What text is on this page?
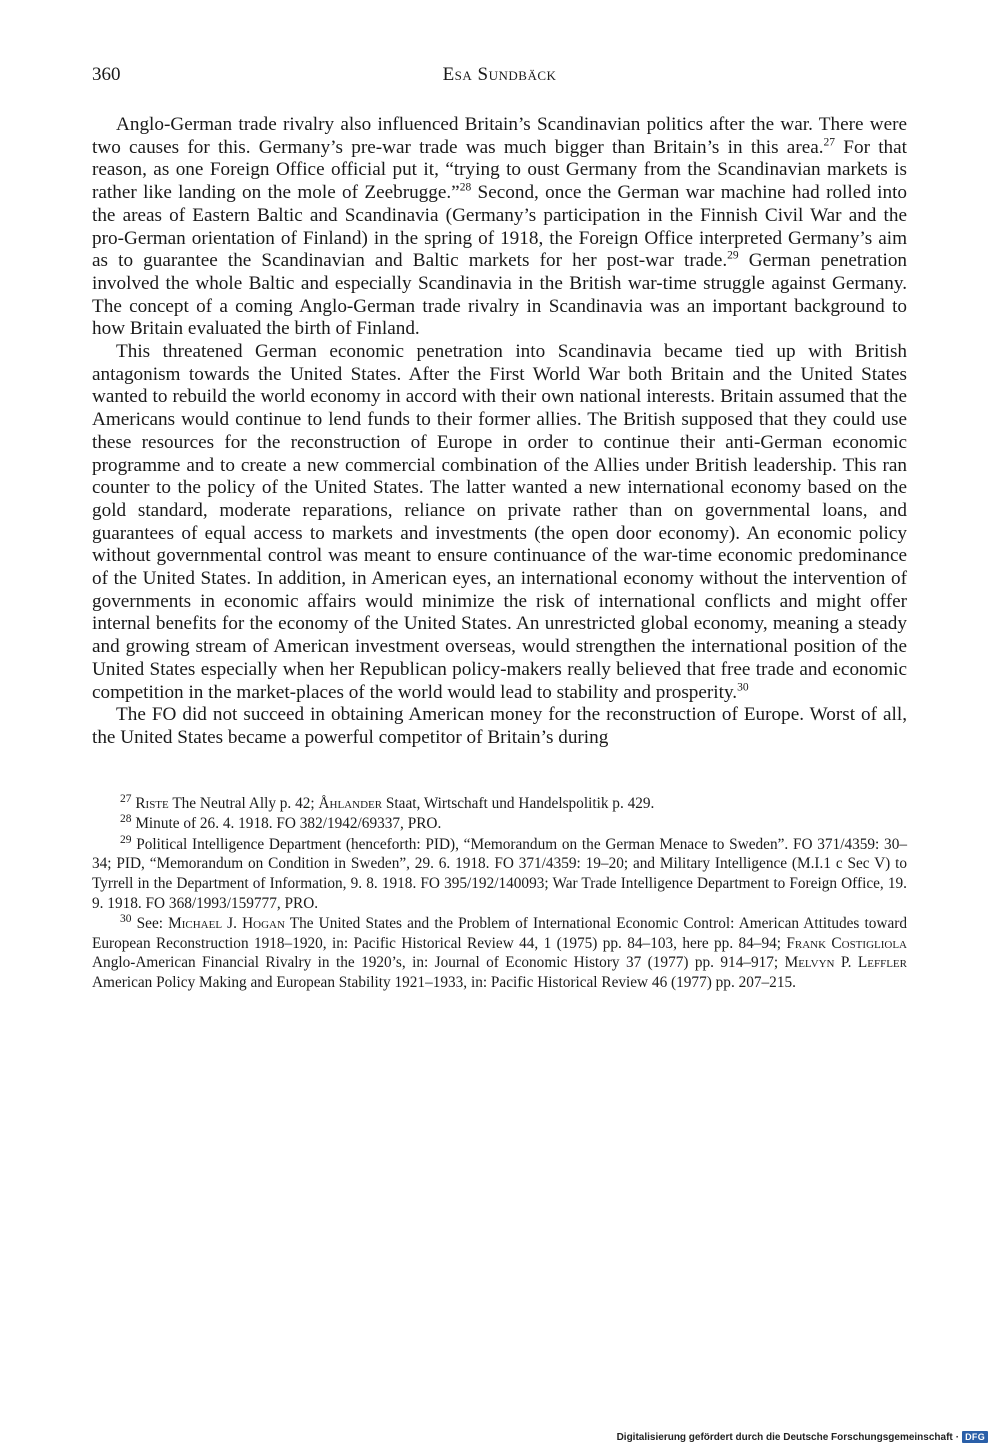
360	Esa Sundbäck

Anglo-German trade rivalry also influenced Britain’s Scandinavian politics after the war. There were two causes for this. Germany’s pre-war trade was much bigger than Britain’s in this area.$^{27}$ For that reason, as one Foreign Office official put it, “trying to oust Germany from the Scandinavian markets is rather like landing on the mole of Zeebrugge.”$^{28}$ Second, once the German war machine had rolled into the areas of Eastern Baltic and Scandinavia (Germany’s participation in the Finnish Civil War and the pro-German orientation of Finland) in the spring of 1918, the Foreign Office interpreted Germany’s aim as to guarantee the Scandinavian and Baltic markets for her post-war trade.$^{29}$ German penetration involved the whole Baltic and especially Scandinavia in the British war-time struggle against Germany. The concept of a coming Anglo-German trade rivalry in Scandinavia was an important background to how Britain evaluated the birth of Finland.

This threatened German economic penetration into Scandinavia became tied up with British antagonism towards the United States. After the First World War both Britain and the United States wanted to rebuild the world economy in accord with their own national interests. Britain assumed that the Americans would continue to lend funds to their former allies. The British supposed that they could use these resources for the reconstruction of Europe in order to continue their anti-German economic programme and to create a new commercial combination of the Allies under British leadership. This ran counter to the policy of the United States. The latter wanted a new international economy based on the gold standard, moderate reparations, reliance on private rather than on governmental loans, and guarantees of equal access to markets and investments (the open door economy). An economic policy without governmental control was meant to ensure continuance of the war-time economic predominance of the United States. In addition, in American eyes, an international economy without the intervention of governments in economic affairs would minimize the risk of international conflicts and might offer internal benefits for the economy of the United States. An unrestricted global economy, meaning a steady and growing stream of American investment overseas, would strengthen the international position of the United States especially when her Republican policy-makers really believed that free trade and economic competition in the market-places of the world would lead to stability and prosperity.$^{30}$

The FO did not succeed in obtaining American money for the reconstruction of Europe. Worst of all, the United States became a powerful competitor of Britain’s during

$^{27}$ Riste The Neutral Ally p. 42; Åhlander Staat, Wirtschaft und Handelspolitik p. 429.

$^{28}$ Minute of 26. 4. 1918. FO 382/1942/69337, PRO.

$^{29}$ Political Intelligence Department (henceforth: PID), “Memorandum on the German Menace to Sweden”. FO 371/4359: 30–34; PID, “Memorandum on Condition in Sweden”, 29. 6. 1918. FO 371/4359: 19–20; and Military Intelligence (M.I.1 c Sec V) to Tyrrell in the Department of Information, 9. 8. 1918. FO 395/192/140093; War Trade Intelligence Department to Foreign Office, 19. 9. 1918. FO 368/1993/159777, PRO.

$^{30}$ See: Michael J. Hogan The United States and the Problem of International Economic Control: American Attitudes toward European Reconstruction 1918–1920, in: Pacific Historical Review 44, 1 (1975) pp. 84–103, here pp. 84–94; Frank Costigliola Anglo-American Financial Rivalry in the 1920’s, in: Journal of Economic History 37 (1977) pp. 914–917; Melvyn P. Leffler American Policy Making and European Stability 1921–1933, in: Pacific Historical Review 46 (1977) pp. 207–215.

Digitalisierung gefördert durch die Deutsche Forschungsgemeinschaft · DFG
